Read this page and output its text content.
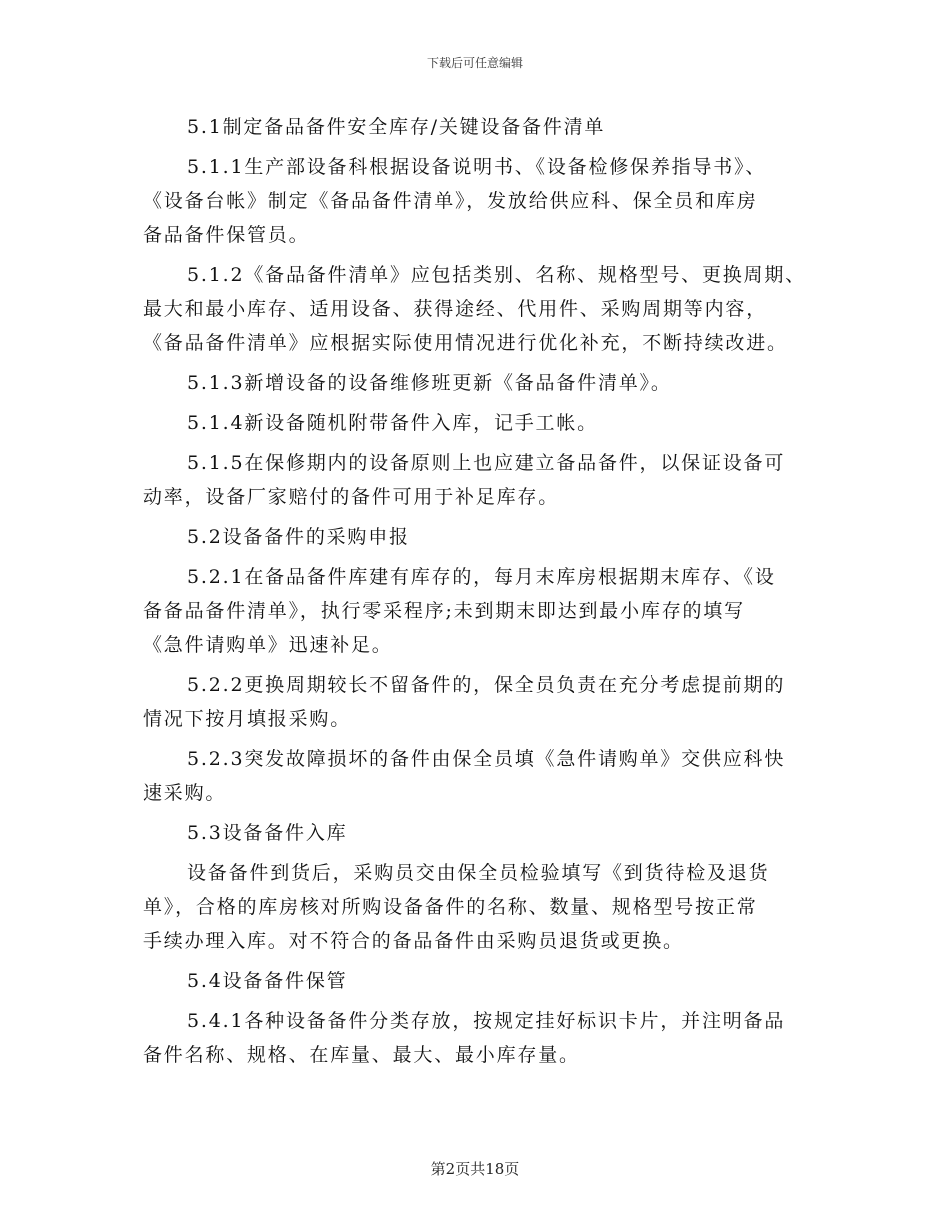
下载后可任意编辑
5.1制定备品备件安全库存/关键设备备件清单
5.1.1生产部设备科根据设备说明书、《设备检修保养指导书》、
《设备台帐》制定《备品备件清单》，发放给供应科、保全员和库房
备品备件保管员。
5.1.2《备品备件清单》应包括类别、名称、规格型号、更换周期、
最大和最小库存、适用设备、获得途经、代用件、采购周期等内容，
《备品备件清单》应根据实际使用情况进行优化补充，不断持续改进。
5.1.3新增设备的设备维修班更新《备品备件清单》。
5.1.4新设备随机附带备件入库，记手工帐。
5.1.5在保修期内的设备原则上也应建立备品备件，以保证设备可
动率，设备厂家赔付的备件可用于补足库存。
5.2设备备件的采购申报
5.2.1在备品备件库建有库存的，每月末库房根据期末库存、《设
备备品备件清单》，执行零采程序;未到期末即达到最小库存的填写
《急件请购单》迅速补足。
5.2.2更换周期较长不留备件的，保全员负责在充分考虑提前期的
情况下按月填报采购。
5.2.3突发故障损坏的备件由保全员填《急件请购单》交供应科快
速采购。
5.3设备备件入库
设备备件到货后，采购员交由保全员检验填写《到货待检及退货
单》，合格的库房核对所购设备备件的名称、数量、规格型号按正常
手续办理入库。对不符合的备品备件由采购员退货或更换。
5.4设备备件保管
5.4.1各种设备备件分类存放，按规定挂好标识卡片，并注明备品
备件名称、规格、在库量、最大、最小库存量。
第2页共18页
